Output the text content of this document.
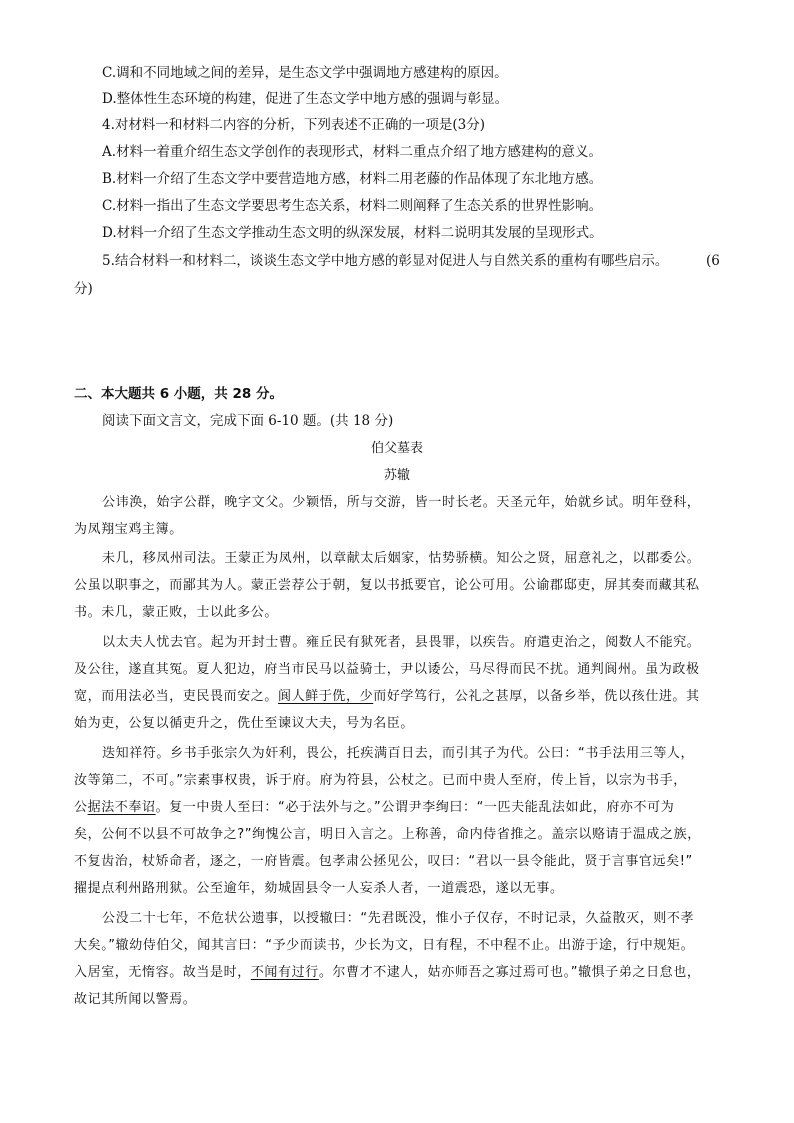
C.调和不同地域之间的差异，是生态文学中强调地方感建构的原因。
D.整体性生态环境的构建，促进了生态文学中地方感的强调与彰显。
4.对材料一和材料二内容的分析，下列表述不正确的一项是(3分)
A.材料一着重介绍生态文学创作的表现形式，材料二重点介绍了地方感建构的意义。
B.材料一介绍了生态文学中要营造地方感，材料二用老藤的作品体现了东北地方感。
C.材料一指出了生态文学要思考生态关系，材料二则阐释了生态关系的世界性影响。
D.材料一介绍了生态文学推动生态文明的纵深发展，材料二说明其发展的呈现形式。
5.结合材料一和材料二，谈谈生态文学中地方感的彰显对促进人与自然关系的重构有哪些启示。	(6
分)
二、本大题共 6 小题，共 28 分。
阅读下面文言文，完成下面 6-10 题。(共 18 分)
伯父墓表
苏辙
公讳涣，始字公群，晚字文父。少颖悟，所与交游，皆一时长老。天圣元年，始就乡试。明年登科，
为凤翔宝鸡主簿。
未几，移凤州司法。王蒙正为凤州，以章献太后姻家，怙势骄横。知公之贤，屈意礼之，以郡委公。
公虽以职事之，而鄙其为人。蒙正尝荐公于朝，复以书抵要官，论公可用。公谕郡邸吏，屏其奏而藏其私
书。未几，蒙正败，士以此多公。
以太夫人忧去官。起为开封士曹。雍丘民有狱死者，县畏罪，以疾告。府遣吏治之，阅数人不能究。
及公往，遂直其冤。夏人犯边，府当市民马以益骑士，尹以诿公，马尽得而民不扰。通判阆州。虽为政极
宽，而用法必当，吏民畏而安之。阆人鲜于侁，少而好学笃行，公礼之甚厚，以备乡举，侁以孩仕进。其
始为吏，公复以循吏升之，侁仕至谏议大夫，号为名臣。
迭知祥符。乡书手张宗久为奸利，畏公，托疾满百日去，而引其子为代。公曰：“书手法用三等人，
汝等第二，不可。”宗素事权贵，诉于府。府为符县，公杖之。已而中贵人至府，传上旨，以宗为书手，
公据法不奉诏。复一中贵人至曰：“必于法外与之。”公谓尹李绚曰：“一匹夫能乱法如此，府亦不可为
矣，公何不以县不可故争之?”绚愧公言，明日入言之。上称善，命内侍省推之。盖宗以赂请于温成之族，
不复齿治，杖矫命者，逐之，一府皆震。包孝肃公拯见公，叹曰：“君以一县令能此，贤于言事官远矣!”
擢提点利州路刑狱。公至逾年，劾城固县令一人妄杀人者，一道震恐，遂以无事。
公没二十七年，不危状公遗事，以授辙曰：“先君既没，惟小子仅存，不时记录，久益散灭，则不孝
大矣。”辙幼侍伯父，闻其言曰：“予少而读书，少长为文，日有程，不中程不止。出游于途，行中规矩。
入居室，无惰容。故当是时，不闻有过行。尔曹才不逮人，姑亦师吾之寡过焉可也。”辙惧子弟之日怠也，
故记其所闻以警焉。
